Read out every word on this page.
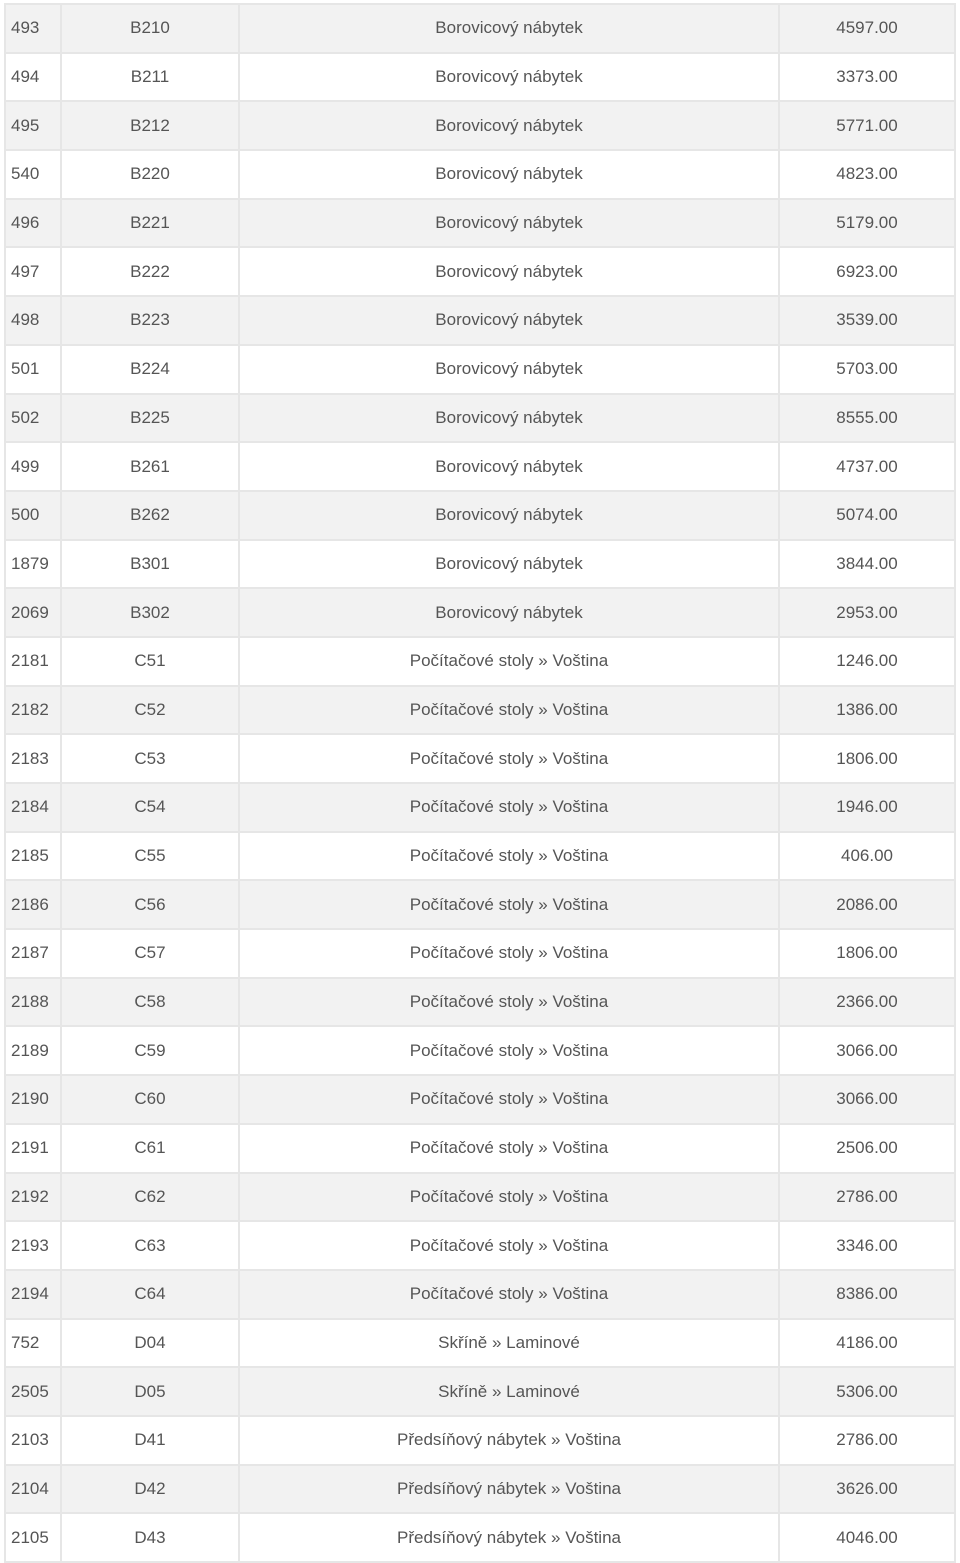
493	B210	Borovicový nábytek	4597.00
494	B211	Borovicový nábytek	3373.00
495	B212	Borovicový nábytek	5771.00
540	B220	Borovicový nábytek	4823.00
496	B221	Borovicový nábytek	5179.00
497	B222	Borovicový nábytek	6923.00
498	B223	Borovicový nábytek	3539.00
501	B224	Borovicový nábytek	5703.00
502	B225	Borovicový nábytek	8555.00
499	B261	Borovicový nábytek	4737.00
500	B262	Borovicový nábytek	5074.00
1879	B301	Borovicový nábytek	3844.00
2069	B302	Borovicový nábytek	2953.00
2181	C51	Počítačové stoly » Voština	1246.00
2182	C52	Počítačové stoly » Voština	1386.00
2183	C53	Počítačové stoly » Voština	1806.00
2184	C54	Počítačové stoly » Voština	1946.00
2185	C55	Počítačové stoly » Voština	406.00
2186	C56	Počítačové stoly » Voština	2086.00
2187	C57	Počítačové stoly » Voština	1806.00
2188	C58	Počítačové stoly » Voština	2366.00
2189	C59	Počítačové stoly » Voština	3066.00
2190	C60	Počítačové stoly » Voština	3066.00
2191	C61	Počítačové stoly » Voština	2506.00
2192	C62	Počítačové stoly » Voština	2786.00
2193	C63	Počítačové stoly » Voština	3346.00
2194	C64	Počítačové stoly » Voština	8386.00
752	D04	Skříně » Laminové	4186.00
2505	D05	Skříně » Laminové	5306.00
2103	D41	Předsíňový nábytek » Voština	2786.00
2104	D42	Předsíňový nábytek » Voština	3626.00
2105	D43	Předsíňový nábytek » Voština	4046.00
